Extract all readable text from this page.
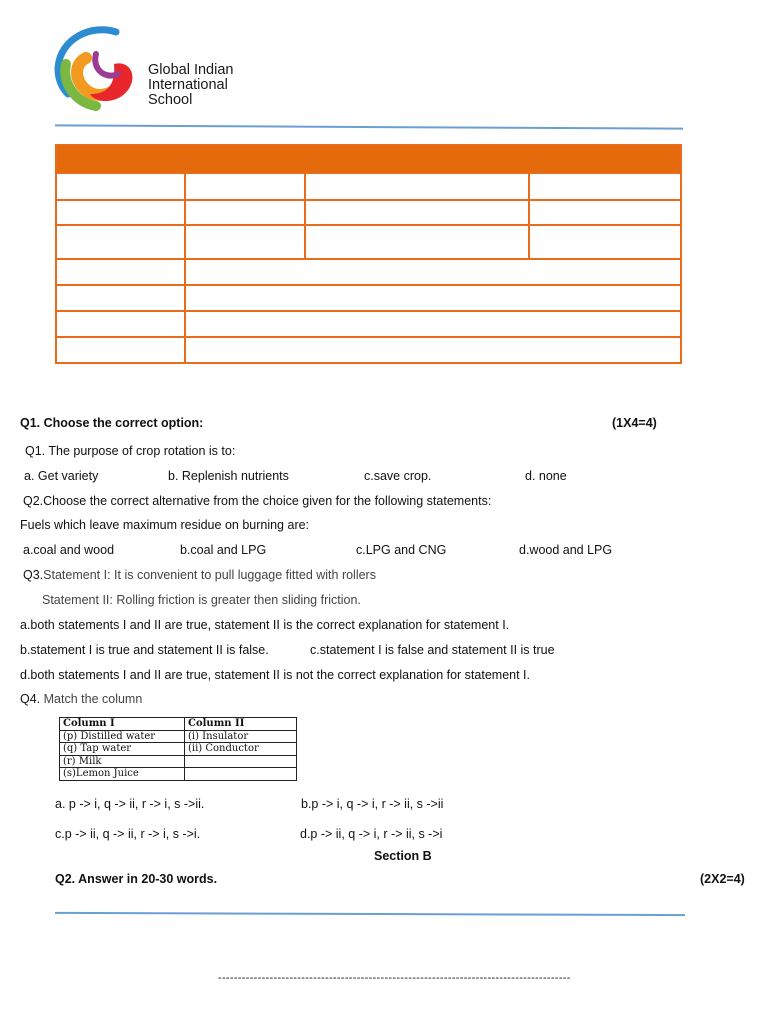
Global Indian
International
School

Q1. Choose the correct option:	(1X4=4)
Q1. The purpose of crop rotation is to:
a. Get variety	b. Replenish nutrients	c.save crop.	d. none
Q2.Choose the correct alternative from the choice given for the following statements:
Fuels which leave maximum residue on burning are:
a.coal and wood	b.coal and LPG	c.LPG and CNG	d.wood and LPG
Q3.Statement I: It is convenient to pull luggage fitted with rollers
Statement II: Rolling friction is greater then sliding friction.
a.both statements I and II are true, statement II is the correct explanation for statement I.
b.statement I is true and statement II is false.	c.statement I is false and statement II is true
d.both statements I and II are true, statement II is not the correct explanation for statement I.
Q4. Match the column
Column I	Column II
(p) Distilled water	(i) Insulator
(q) Tap water	(ii) Conductor
(r) Milk	
(s)Lemon Juice	
a. p -> i, q -> ii, r -> i, s ->ii.	b.p -> i, q -> i, r -> ii, s ->ii
c.p -> ii, q -> ii, r -> i, s ->i.	d.p -> ii, q -> i, r -> ii, s ->i
Section B
Q2. Answer in 20-30 words.	(2X2=4)
-----------------------------------------------------------------------------------------
